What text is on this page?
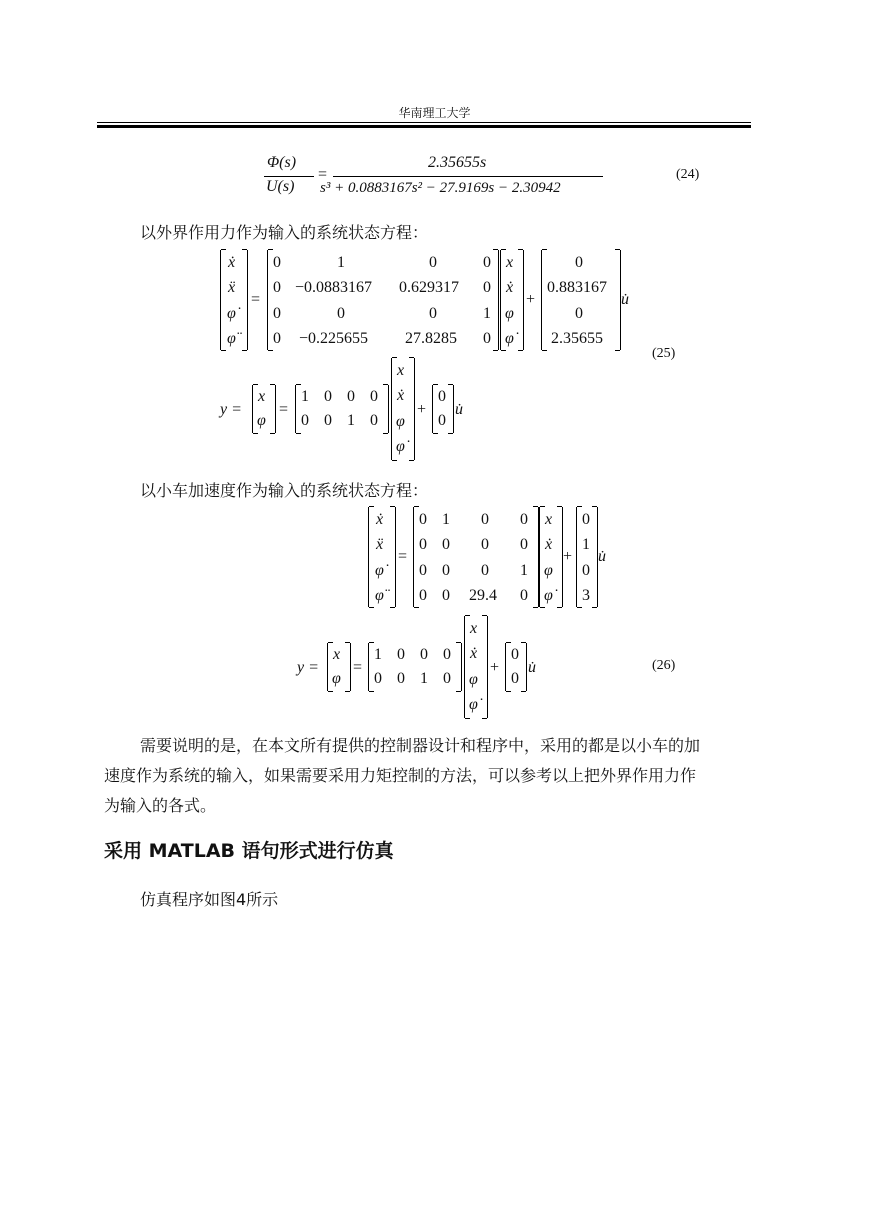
华南理工大学
Φ(s)
U(s)
=
2.35655s
s³ + 0.0883167s² − 27.9169s − 2.30942
(24)
以外界作用力作为输入的系统状态方程：
ẋ
ẍ
φ̇
φ̈
=
0	1	0	0
0 −0.0883167 0.629317 0
0	0	0	1
0 −0.225655 27.8285 0
x
ẋ
φ
φ̇
+
0
0.883167
0
2.35655
u̇
(25)
y =
x
φ
=
1 0 0 0
0 0 1 0
x
ẋ
φ
φ̇
+
0
0
u̇
以小车加速度作为输入的系统状态方程：
ẋ
ẍ
φ̇
φ̈
=
0 1 0 0
0 0 0 0
0 0 0 1
0 0 29.4 0
x
ẋ
φ
φ̇
+
0
1
0
3
u̇
y =
x
φ
=
1 0 0 0
0 0 1 0
x
ẋ
φ
φ̇
+
0
0
u̇	(26)
需要说明的是，在本文所有提供的控制器设计和程序中，采用的都是以小车的加
速度作为系统的输入，如果需要采用力矩控制的方法，可以参考以上把外界作用力作
为输入的各式。
采用 MATLAB 语句形式进行仿真
仿真程序如图4所示
